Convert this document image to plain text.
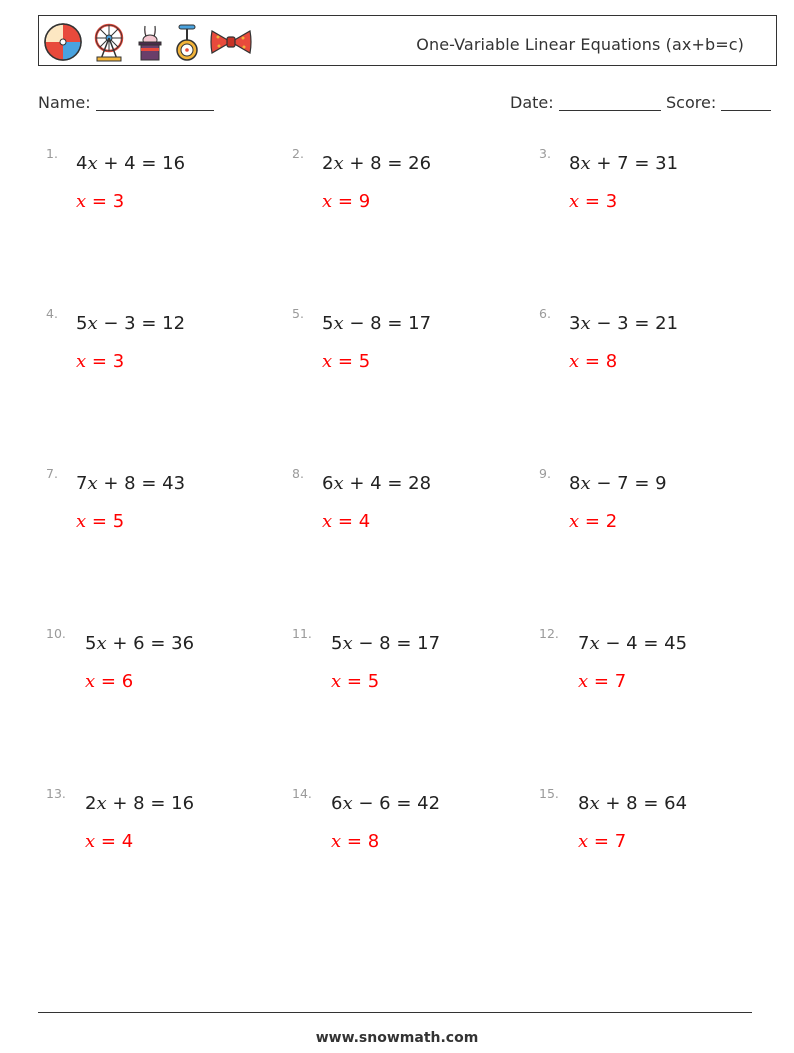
One-Variable Linear Equations (ax+b=c)
Name:	Date:	Score:
1. 4x + 4 = 16
x = 3
2. 2x + 8 = 26
x = 9
3. 8x + 7 = 31
x = 3
4. 5x − 3 = 12
x = 3
5. 5x − 8 = 17
x = 5
6. 3x − 3 = 21
x = 8
7. 7x + 8 = 43
x = 5
8. 6x + 4 = 28
x = 4
9. 8x − 7 = 9
x = 2
10. 5x + 6 = 36
x = 6
11. 5x − 8 = 17
x = 5
12. 7x − 4 = 45
x = 7
13. 2x + 8 = 16
x = 4
14. 6x − 6 = 42
x = 8
15. 8x + 8 = 64
x = 7
www.snowmath.com
